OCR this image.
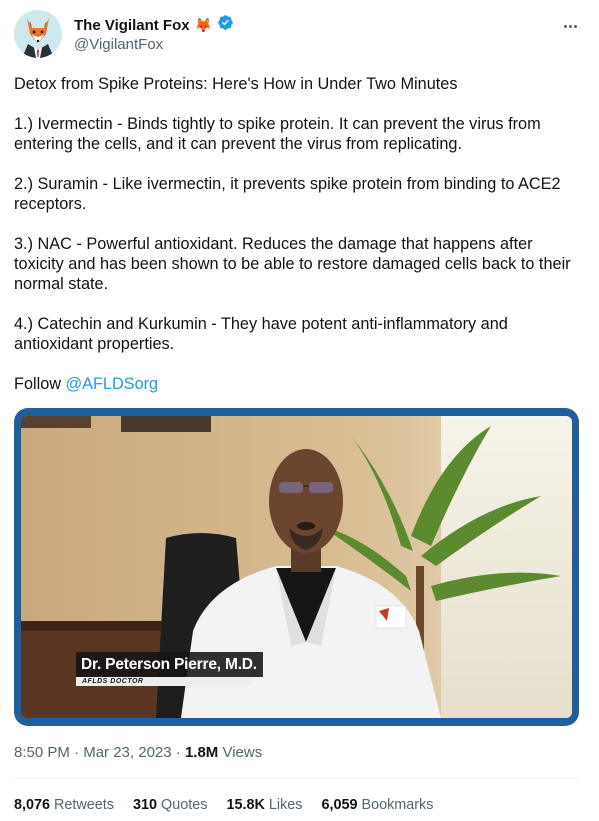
The Vigilant Fox 🦊
@VigilantFox

Detox from Spike Proteins: Here's How in Under Two Minutes

1.) Ivermectin - Binds tightly to spike protein. It can prevent the virus from entering the cells, and it can prevent the virus from replicating.

2.) Suramin - Like ivermectin, it prevents spike protein from binding to ACE2 receptors.

3.) NAC - Powerful antioxidant. Reduces the damage that happens after toxicity and has been shown to be able to restore damaged cells back to their normal state.

4.) Catechin and Kurkumin - They have potent anti-inflammatory and antioxidant properties.

Follow @AFLDSorg

Dr. Peterson Pierre, M.D.
AFLDS DOCTOR
8:50 PM · Mar 23, 2023 · 1.8M Views
8,076 Retweets 310 Quotes 15.8K Likes 6,059 Bookmarks
